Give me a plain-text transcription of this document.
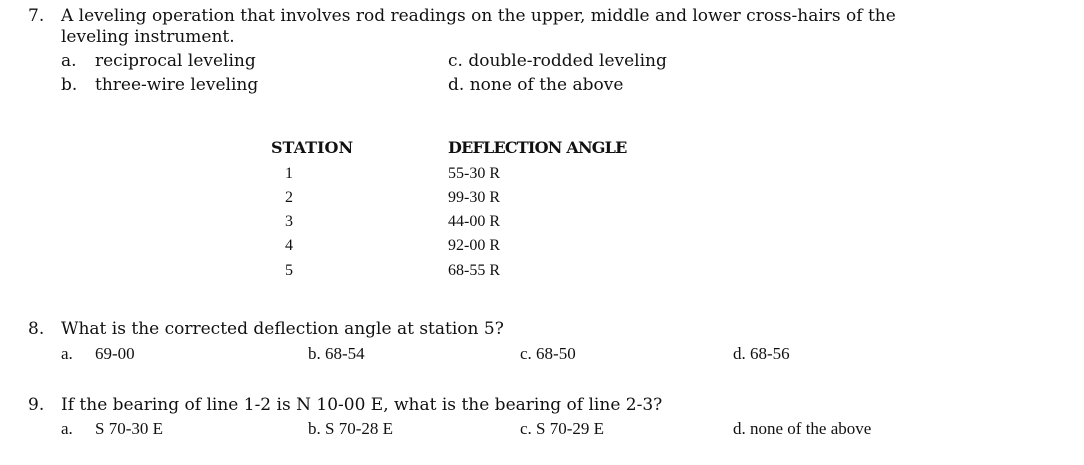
7. A leveling operation that involves rod readings on the upper, middle and lower cross-hairs of the
leveling instrument.
a. reciprocal leveling
b. three-wire leveling
c. double-rodded leveling
d. none of the above
STATION	DEFLECTION ANGLE
1	55-30 R
2	99-30 R
3	44-00 R
4	92-00 R
5	68-55 R
8. What is the corrected deflection angle at station 5?
a. 69-00	b. 68-54	c. 68-50	d. 68-56
9. If the bearing of line 1-2 is N 10-00 E, what is the bearing of line 2-3?
a. S 70-30 E	b. S 70-28 E	c. S 70-29 E	d. none of the above
